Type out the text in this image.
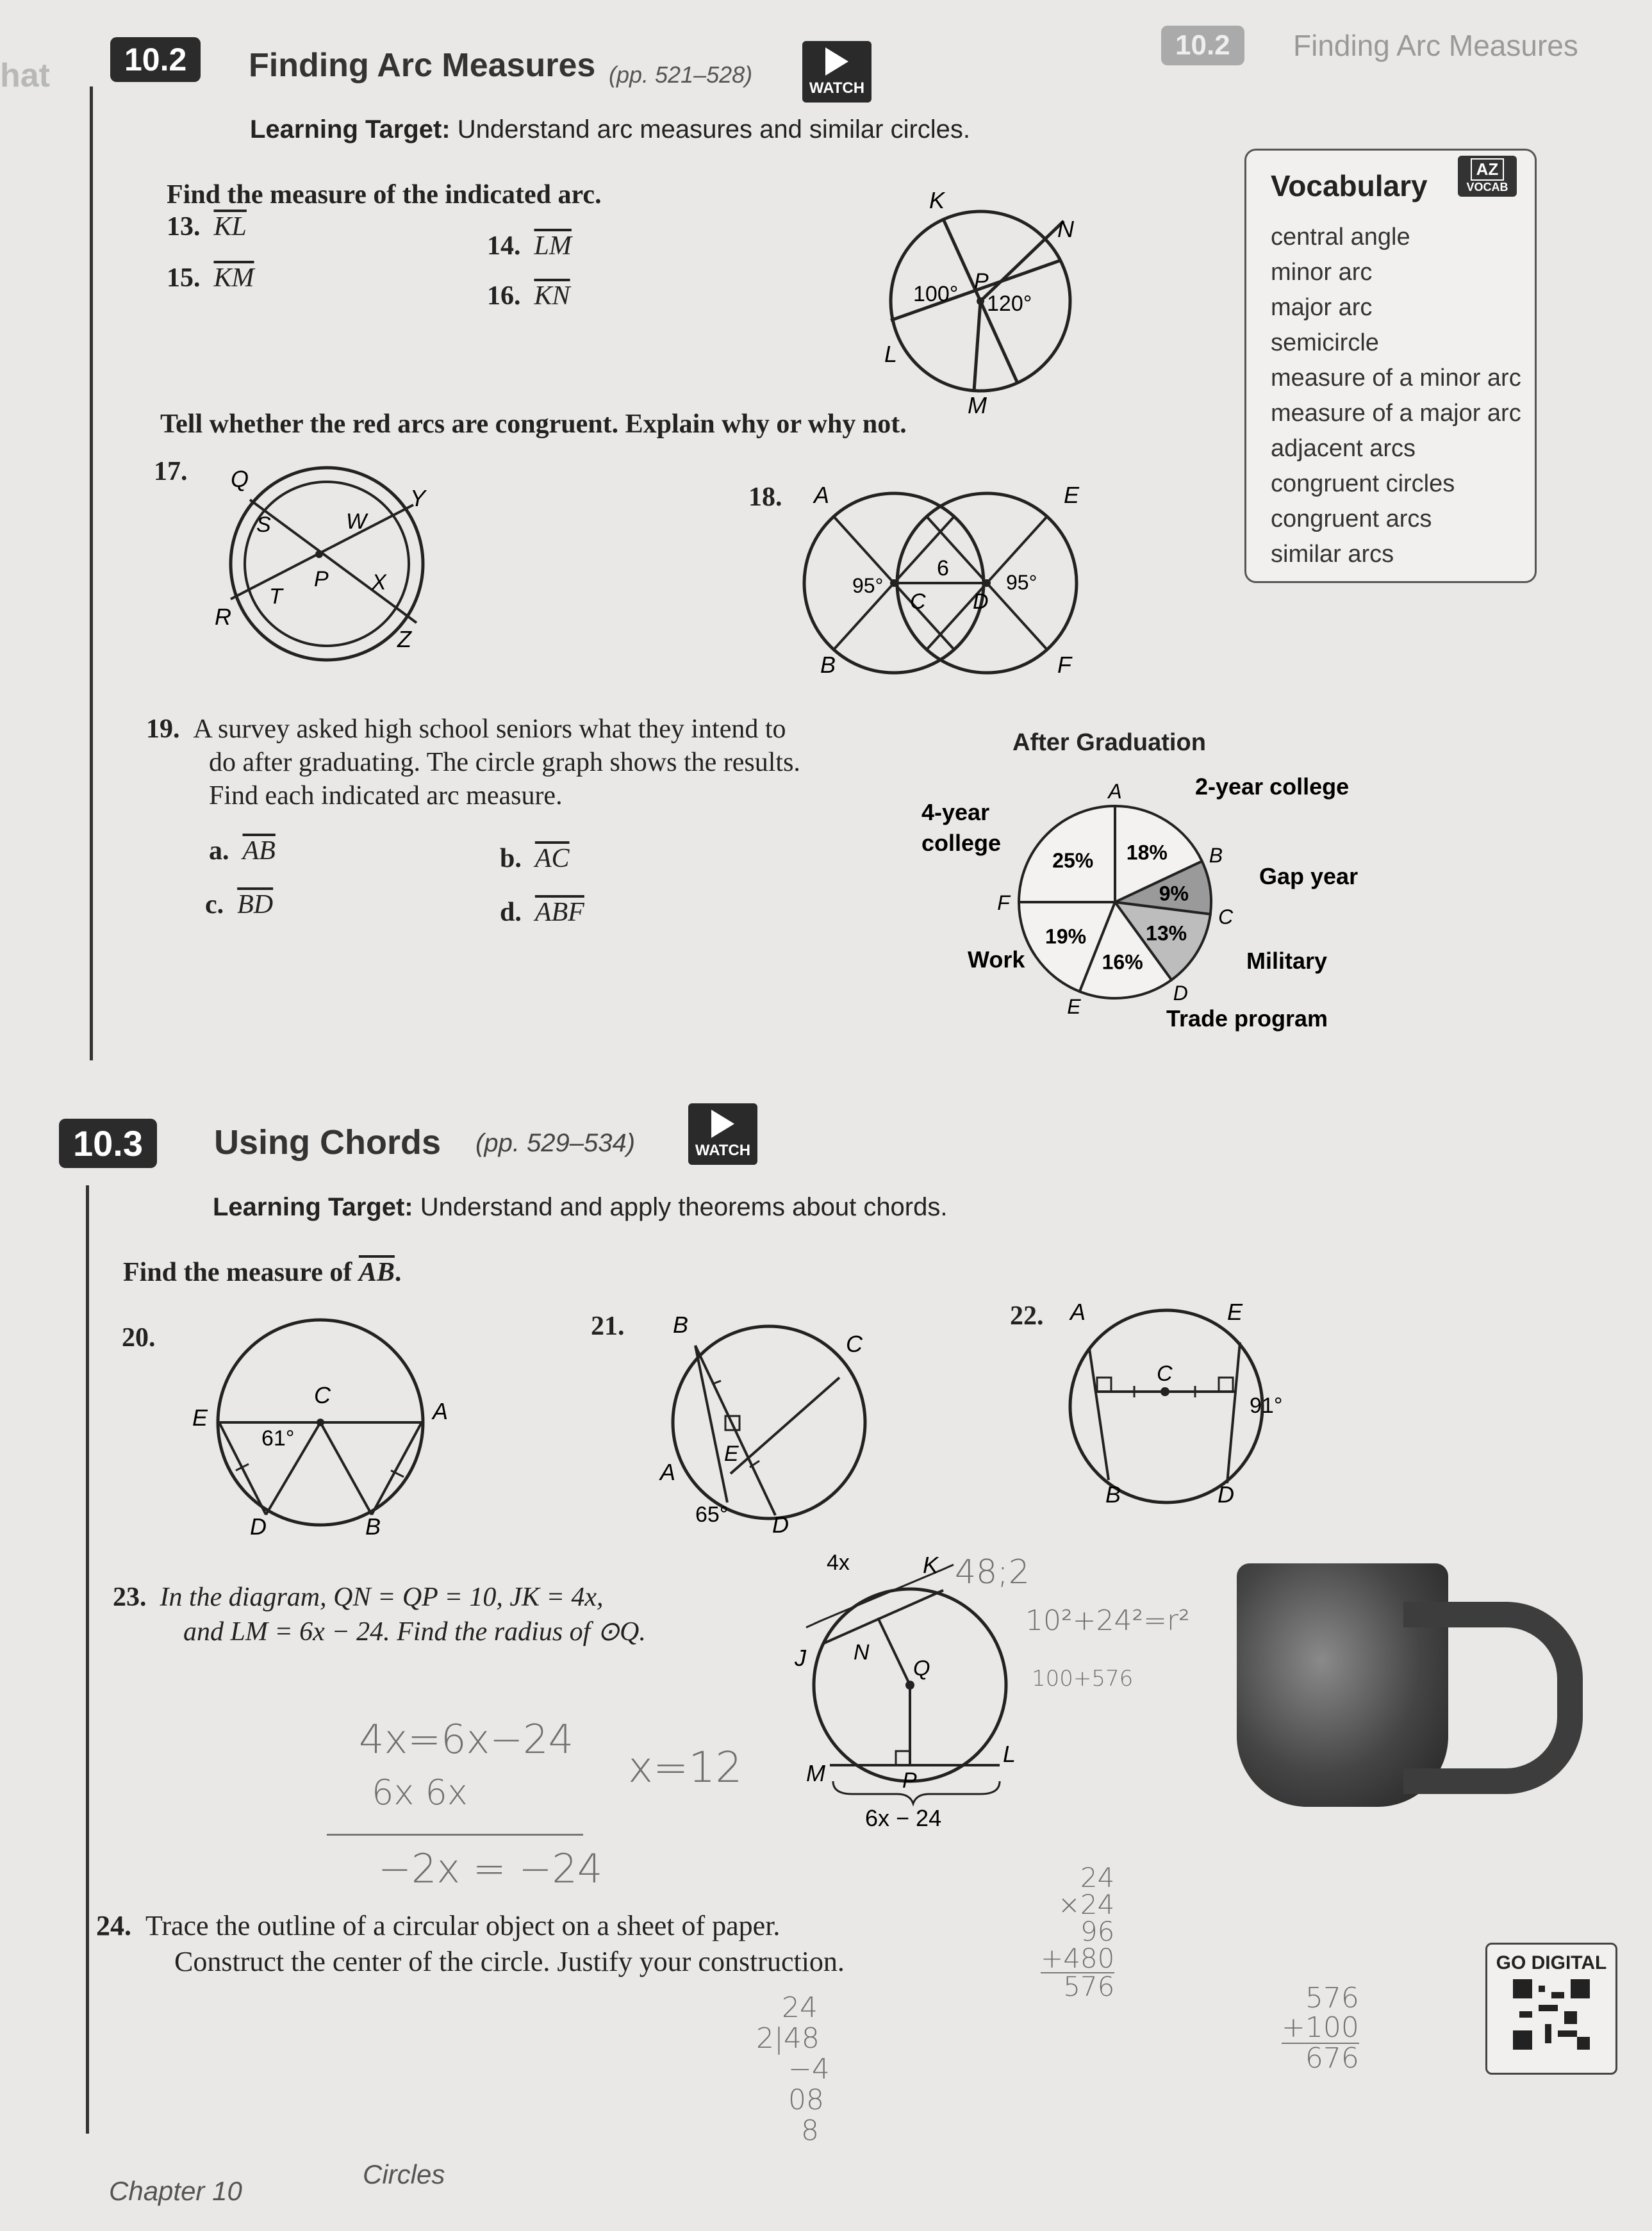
hat	10.2	Finding Arc Measures (pp. 521–528)
WATCH
10.2	Finding Arc Measures
Learning Target: Understand arc measures and similar circles.
Find the measure of the indicated arc.
13. $\overline{KL}$
14. $\overline{LM}$
15. $\overline{KM}$
16. $\overline{KN}$
K
N
P
L
M
100° 120°
Tell whether the red arcs are congruent. Explain why or why not.
17. Q
S	W
Y
P X
T
R
Z
18. A	E
C D
B	F
95°	95°
6
Vocabulary	AZ
VOCAB
central angle
minor arc
major arc
semicircle
measure of a minor arc
measure of a major arc
adjacent arcs
congruent circles
congruent arcs
similar arcs
19. A survey asked high school seniors what they intend to
do after graduating. The circle graph shows the results.
Find each indicated arc measure.
a. $\overline{AB}$	b. $\overline{AC}$
c. $\overline{BD}$	d. $\overline{ABF}$
After Graduation
18%
9%
13%
16%
19%
25%
A
B
C
D
E
F
2-year college
Gap year
Military
Trade program
Work
4-year
college
10.3	Using Chords (pp. 529–534)	WATCH
Learning Target: Understand and apply theorems about chords.
Find the measure of $\overline{AB}$.
20.
C
E	A
D	B
61°
21. B
C
A
E
D
65°
22. A	E
C
B	D
91°
23. In the diagram, QN = QP = 10, JK = 4x,
and LM = 6x − 24. Find the radius of ⊙Q.
4x	K
J N
Q
M	P
L
6x − 24
24. Trace the outline of a circular object on a sheet of paper.
Construct the center of the circle. Justify your construction.
4x=6x−24
6x 6x
−2x = −24
x=12
48;2
10²+24²=r²
100+576
24
×24
96
+480
576	576
+100
676
24
2|48
−4
08
8
GO DIGITAL
Chapter 10
Circles
